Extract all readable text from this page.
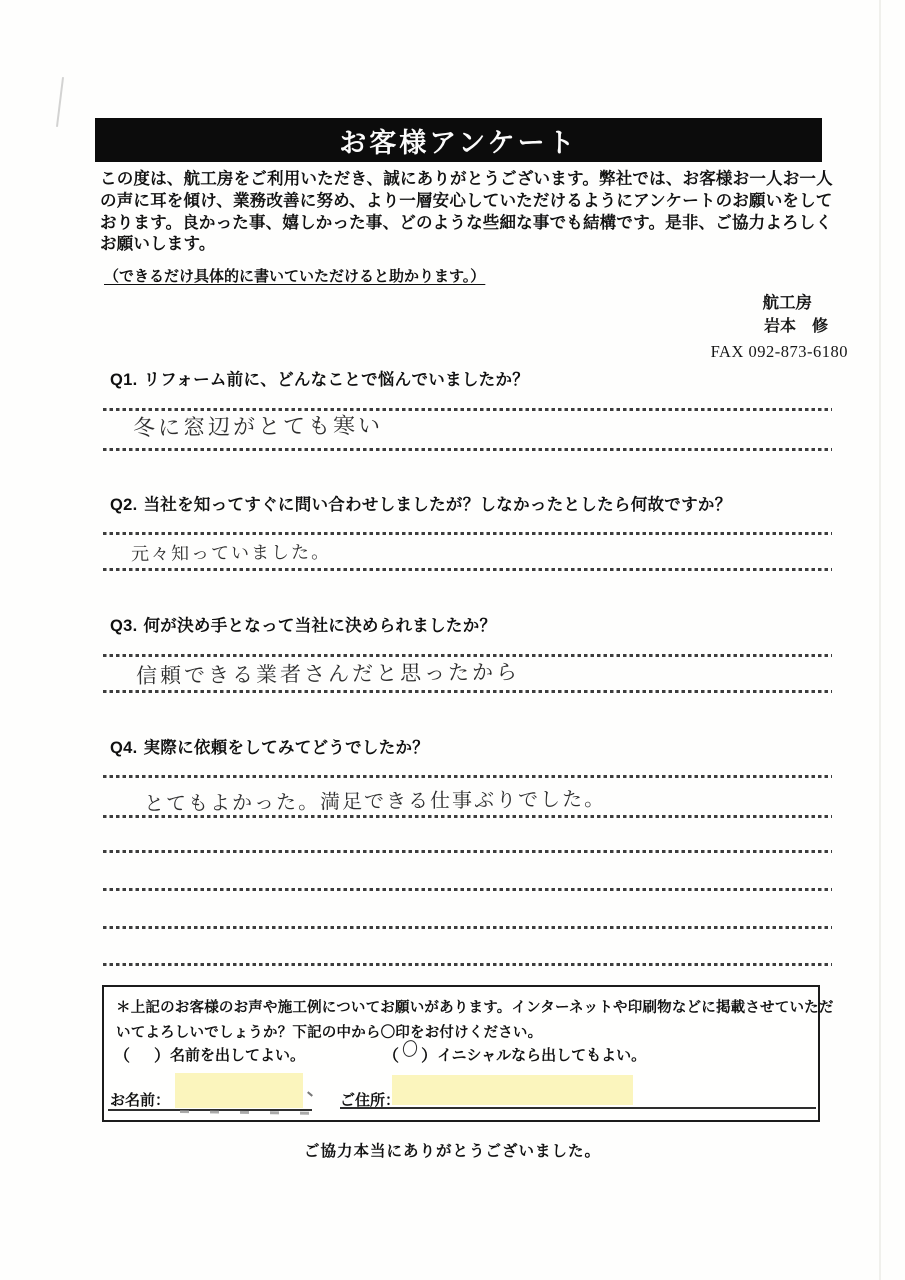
お客様アンケート
この度は、航工房をご利用いただき、誠にありがとうございます。弊社では、お客様お一人お一人
の声に耳を傾け、業務改善に努め、より一層安心していただけるようにアンケートのお願いをして
おります。良かった事、嬉しかった事、どのような些細な事でも結構です。是非、ご協力よろしく
お願いします。
（できるだけ具体的に書いていただけると助かります。）
航工房
岩本　修
FAX 092-873-6180
Q1. リフォーム前に、どんなことで悩んでいましたか？
冬に窓辺がとても寒い
Q2. 当社を知ってすぐに問い合わせしましたが？しなかったとしたら何故ですか？
元々知っていました。
Q3. 何が決め手となって当社に決められましたか？
信頼できる業者さんだと思ったから
Q4. 実際に依頼をしてみてどうでしたか？
とてもよかった。満足できる仕事ぶりでした。
＊上記のお客様のお声や施工例についてお願いがあります。インターネットや印刷物などに掲載させていただ
いてよろしいでしょうか？下記の中から〇印をお付けください。
（ ） 名前を出してよい。	（ ） イニシャルなら出してもよい。
お名前：	ご住所：
ご協力本当にありがとうございました。
